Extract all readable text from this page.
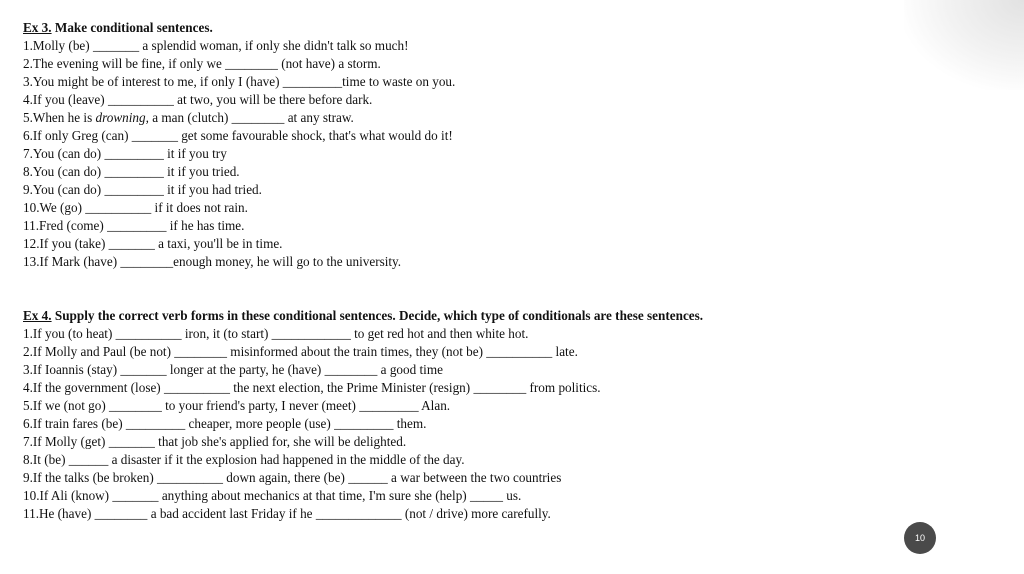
Ex 3. Make conditional sentences.
1.Molly (be) _______ a splendid woman, if only she didn't talk so much!
2.The evening will be fine, if only we ________ (not have) a storm.
3.You might be of interest to me, if only I (have) _________time to waste on you.
4.If you (leave) __________ at two, you will be there before dark.
5.When he is drowning, a man (clutch) ________ at any straw.
6.If only Greg (can) _______ get some favourable shock, that's what would do it!
7.You (can do) _________ it if you try
8.You (can do) _________ it if you tried.
9.You (can do) _________ it if you had tried.
10.We (go) __________ if it does not rain.
11.Fred (come) _________ if he has time.
12.If you (take) _______ a taxi, you'll be in time.
13.If Mark (have) ________enough money, he will go to the university.
Ex 4. Supply the correct verb forms in these conditional sentences. Decide, which type of conditionals are these sentences.
1.If you (to heat) __________ iron, it (to start) ____________ to get red hot and then white hot.
2.If Molly and Paul (be not) ________ misinformed about the train times, they (not be) __________ late.
3.If Ioannis (stay) _______ longer at the party, he (have) ________ a good time
4.If the government (lose) __________ the next election, the Prime Minister (resign) ________ from politics.
5.If we (not go) ________ to your friend's party, I never (meet) _________ Alan.
6.If train fares (be) _________ cheaper, more people (use) _________ them.
7.If Molly (get) _______ that job she's applied for, she will be delighted.
8.It (be) ______ a disaster if it the explosion had happened in the middle of the day.
9.If the talks (be broken) __________ down again, there (be) ______ a war between the two countries
10.If Ali (know) _______ anything about mechanics at that time, I'm sure she (help) _____ us.
11.He (have) ________ a bad accident last Friday if he _____________ (not / drive) more carefully.
10
